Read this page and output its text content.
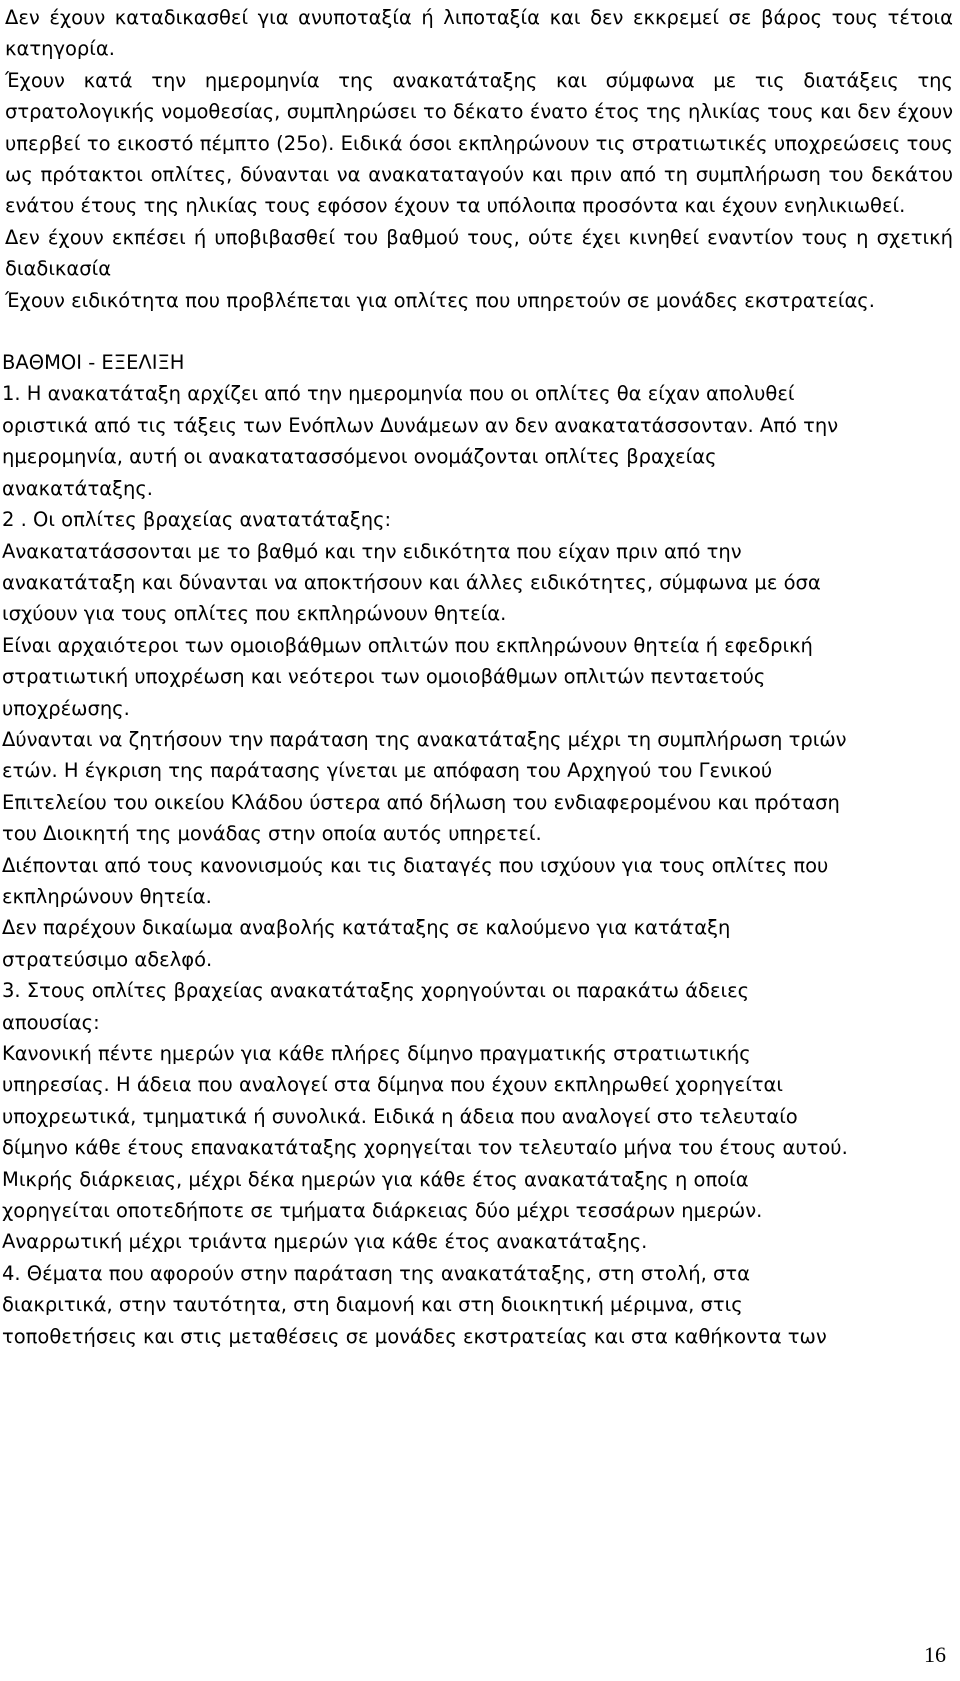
Δεν έχουν καταδικασθεί για ανυποταξία ή λιποταξία και δεν εκκρεμεί σε βάρος τους τέτοια κατηγορία.

Έχουν κατά την ημερομηνία της ανακατάταξης και σύμφωνα με τις διατάξεις της στρατολογικής νομοθεσίας, συμπληρώσει το δέκατο ένατο έτος της ηλικίας τους και δεν έχουν υπερβεί το εικοστό πέμπτο (25ο). Ειδικά όσοι εκπληρώνουν τις στρατιωτικές υποχρεώσεις τους ως πρότακτοι οπλίτες, δύνανται να ανακαταταγούν και πριν από τη συμπλήρωση του δεκάτου ενάτου έτους της ηλικίας τους εφόσον έχουν τα υπόλοιπα προσόντα και έχουν ενηλικιωθεί.

Δεν έχουν εκπέσει ή υποβιβασθεί του βαθμού τους, ούτε έχει κινηθεί εναντίον τους η σχετική διαδικασία

Έχουν ειδικότητα που προβλέπεται για οπλίτες που υπηρετούν σε μονάδες εκστρατείας.

ΒΑΘΜΟΙ - ΕΞΕΛΙΞΗ

1. Η ανακατάταξη αρχίζει από την ημερομηνία που οι οπλίτες θα είχαν απολυθεί
οριστικά από τις τάξεις των Ενόπλων Δυνάμεων αν δεν ανακατατάσσονταν. Από την
ημερομηνία, αυτή οι ανακατατασσόμενοι ονομάζονται οπλίτες βραχείας
ανακατάταξης.
2 . Οι οπλίτες βραχείας ανατατάταξης:
Ανακατατάσσονται με το βαθμό και την ειδικότητα που είχαν πριν από την
ανακατάταξη και δύνανται να αποκτήσουν και άλλες ειδικότητες, σύμφωνα με όσα
ισχύουν για τους οπλίτες που εκπληρώνουν θητεία.
Είναι αρχαιότεροι των ομοιοβάθμων οπλιτών που εκπληρώνουν θητεία ή εφεδρική
στρατιωτική υποχρέωση και νεότεροι των ομοιοβάθμων οπλιτών πενταετούς
υποχρέωσης.
Δύνανται να ζητήσουν την παράταση της ανακατάταξης μέχρι τη συμπλήρωση τριών
ετών. Η έγκριση της παράτασης γίνεται με απόφαση του Αρχηγού του Γενικού
Επιτελείου του οικείου Κλάδου ύστερα από δήλωση του ενδιαφερομένου και πρόταση
του Διοικητή της μονάδας στην οποία αυτός υπηρετεί.
Διέπονται από τους κανονισμούς και τις διαταγές που ισχύουν για τους οπλίτες που
εκπληρώνουν θητεία.
Δεν παρέχουν δικαίωμα αναβολής κατάταξης σε καλούμενο για κατάταξη
στρατεύσιμο αδελφό.
3. Στους οπλίτες βραχείας ανακατάταξης χορηγούνται οι παρακάτω άδειες
απουσίας:
Κανονική πέντε ημερών για κάθε πλήρες δίμηνο πραγματικής στρατιωτικής
υπηρεσίας. Η άδεια που αναλογεί στα δίμηνα που έχουν εκπληρωθεί χορηγείται
υποχρεωτικά, τμηματικά ή συνολικά. Ειδικά η άδεια που αναλογεί στο τελευταίο
δίμηνο κάθε έτους επανακατάταξης χορηγείται τον τελευταίο μήνα του έτους αυτού.
Μικρής διάρκειας, μέχρι δέκα ημερών για κάθε έτος ανακατάταξης η οποία
χορηγείται οποτεδήποτε σε τμήματα διάρκειας δύο μέχρι τεσσάρων ημερών.
Αναρρωτική μέχρι τριάντα ημερών για κάθε έτος ανακατάταξης.
4. Θέματα που αφορούν στην παράταση της ανακατάταξης, στη στολή, στα
διακριτικά, στην ταυτότητα, στη διαμονή και στη διοικητική μέριμνα, στις
τοποθετήσεις και στις μεταθέσεις σε μονάδες εκστρατείας και στα καθήκοντα των
16
